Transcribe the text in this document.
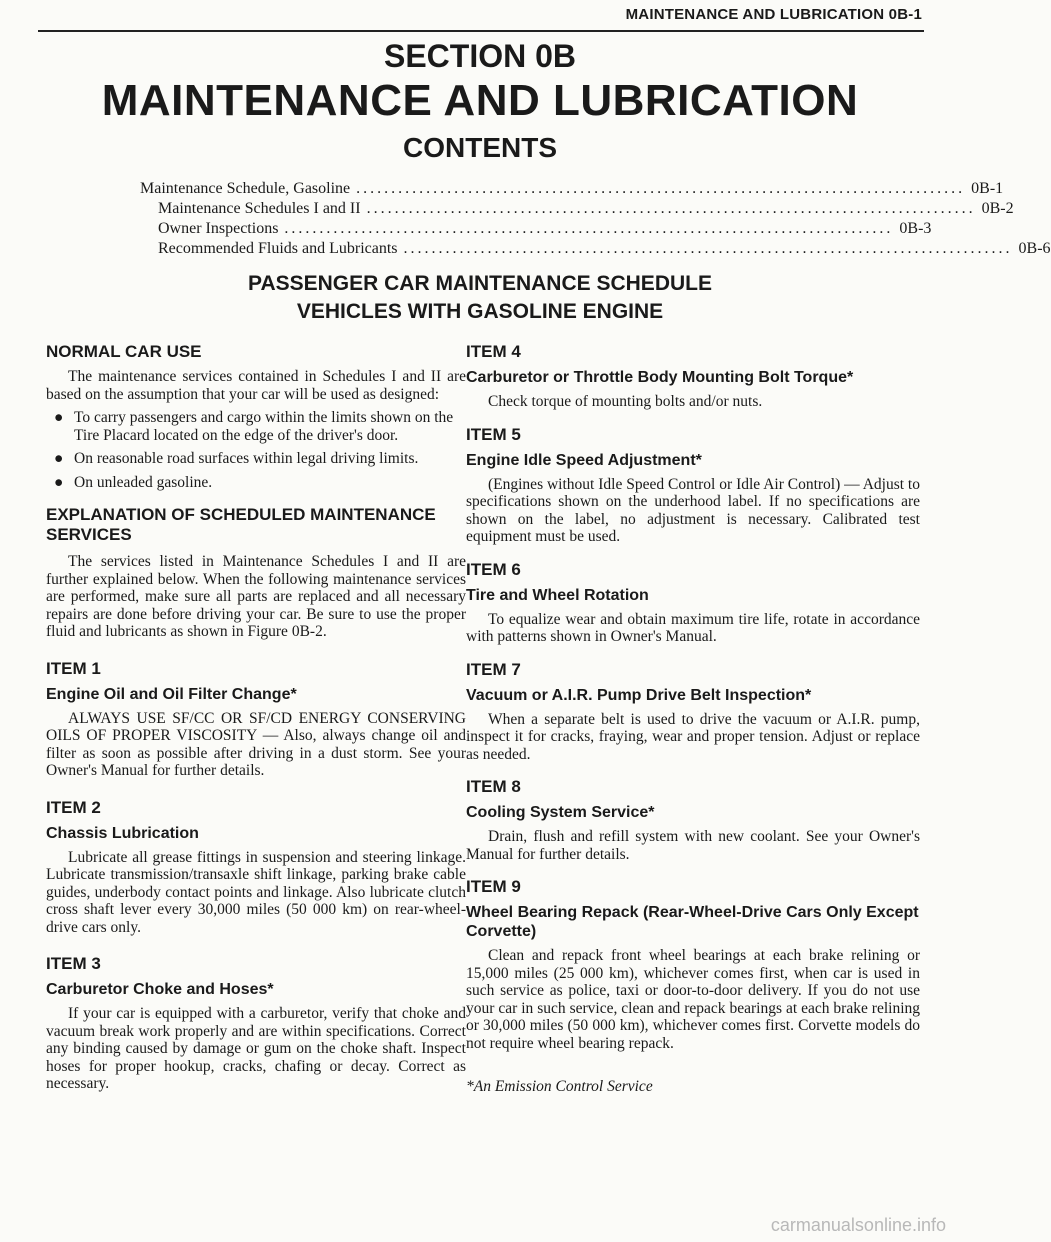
MAINTENANCE AND LUBRICATION 0B-1
SECTION 0B
MAINTENANCE AND LUBRICATION
CONTENTS
Maintenance Schedule, Gasoline ....................................................................................... 0B-1
Maintenance Schedules I and II ....................................................................................... 0B-2
Owner Inspections ....................................................................................... 0B-3
Recommended Fluids and Lubricants ....................................................................................... 0B-6
PASSENGER CAR MAINTENANCE SCHEDULE
VEHICLES WITH GASOLINE ENGINE
NORMAL CAR USE

The maintenance services contained in Schedules I and II are based on the assumption that your car will be used as designed:

● To carry passengers and cargo within the limits shown on the Tire Placard located on the edge of the driver's door.

● On reasonable road surfaces within legal driving limits.

● On unleaded gasoline.

EXPLANATION OF SCHEDULED MAINTENANCE SERVICES

The services listed in Maintenance Schedules I and II are further explained below. When the following maintenance services are performed, make sure all parts are replaced and all necessary repairs are done before driving your car. Be sure to use the proper fluid and lubricants as shown in Figure 0B-2.

ITEM 1
Engine Oil and Oil Filter Change*

ALWAYS USE SF/CC OR SF/CD ENERGY CONSERVING OILS OF PROPER VISCOSITY — Also, always change oil and filter as soon as possible after driving in a dust storm. See your Owner's Manual for further details.

ITEM 2
Chassis Lubrication

Lubricate all grease fittings in suspension and steering linkage. Lubricate transmission/transaxle shift linkage, parking brake cable guides, underbody contact points and linkage. Also lubricate clutch cross shaft lever every 30,000 miles (50 000 km) on rear-wheel-drive cars only.

ITEM 3
Carburetor Choke and Hoses*

If your car is equipped with a carburetor, verify that choke and vacuum break work properly and are within specifications. Correct any binding caused by damage or gum on the choke shaft. Inspect hoses for proper hookup, cracks, chafing or decay. Correct as necessary.

ITEM 4
Carburetor or Throttle Body Mounting Bolt Torque*

Check torque of mounting bolts and/or nuts.

ITEM 5
Engine Idle Speed Adjustment*

(Engines without Idle Speed Control or Idle Air Control) — Adjust to specifications shown on the underhood label. If no specifications are shown on the label, no adjustment is necessary. Calibrated test equipment must be used.

ITEM 6
Tire and Wheel Rotation

To equalize wear and obtain maximum tire life, rotate in accordance with patterns shown in Owner's Manual.

ITEM 7
Vacuum or A.I.R. Pump Drive Belt Inspection*

When a separate belt is used to drive the vacuum or A.I.R. pump, inspect it for cracks, fraying, wear and proper tension. Adjust or replace as needed.

ITEM 8
Cooling System Service*

Drain, flush and refill system with new coolant. See your Owner's Manual for further details.

ITEM 9
Wheel Bearing Repack (Rear-Wheel-Drive Cars Only Except Corvette)

Clean and repack front wheel bearings at each brake relining or 15,000 miles (25 000 km), whichever comes first, when car is used in such service as police, taxi or door-to-door delivery. If you do not use your car in such service, clean and repack bearings at each brake relining or 30,000 miles (50 000 km), whichever comes first. Corvette models do not require wheel bearing repack.

*An Emission Control Service

carmanualsonline.info
